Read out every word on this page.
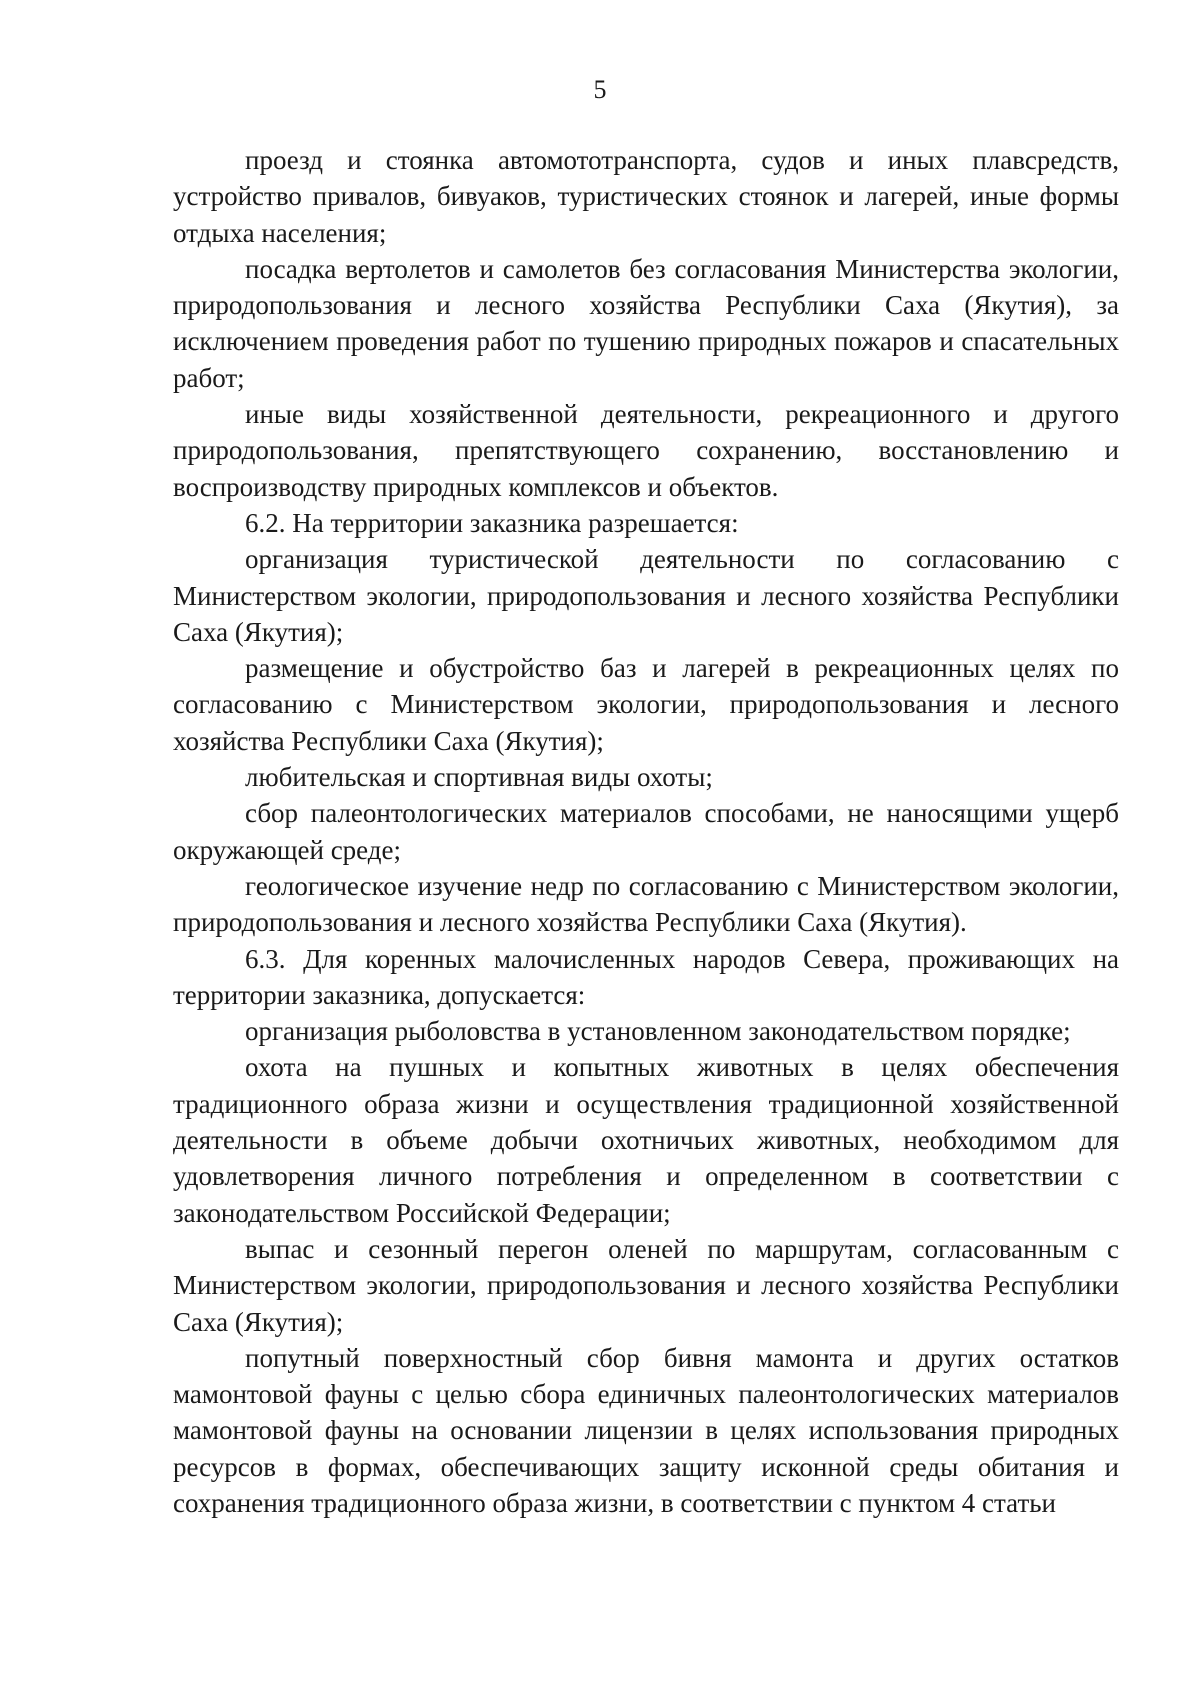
5

проезд и стоянка автомототранспорта, судов и иных плавсредств, устройство привалов, бивуаков, туристических стоянок и лагерей, иные формы отдыха населения;

посадка вертолетов и самолетов без согласования Министерства экологии, природопользования и лесного хозяйства Республики Саха (Якутия), за исключением проведения работ по тушению природных пожаров и спасательных работ;

иные виды хозяйственной деятельности, рекреационного и другого природопользования, препятствующего сохранению, восстановлению и воспроизводству природных комплексов и объектов.

6.2. На территории заказника разрешается:

организация туристической деятельности по согласованию с Министерством экологии, природопользования и лесного хозяйства Республики Саха (Якутия);

размещение и обустройство баз и лагерей в рекреационных целях по согласованию с Министерством экологии, природопользования и лесного хозяйства Республики Саха (Якутия);

любительская и спортивная виды охоты;

сбор палеонтологических материалов способами, не наносящими ущерб окружающей среде;

геологическое изучение недр по согласованию с Министерством экологии, природопользования и лесного хозяйства Республики Саха (Якутия).

6.3. Для коренных малочисленных народов Севера, проживающих на территории заказника, допускается:

организация рыболовства в установленном законодательством порядке;

охота на пушных и копытных животных в целях обеспечения традиционного образа жизни и осуществления традиционной хозяйственной деятельности в объеме добычи охотничьих животных, необходимом для удовлетворения личного потребления и определенном в соответствии с законодательством Российской Федерации;

выпас и сезонный перегон оленей по маршрутам, согласованным с Министерством экологии, природопользования и лесного хозяйства Республики Саха (Якутия);

попутный поверхностный сбор бивня мамонта и других остатков мамонтовой фауны с целью сбора единичных палеонтологических материалов мамонтовой фауны на основании лицензии в целях использования природных ресурсов в формах, обеспечивающих защиту исконной среды обитания и сохранения традиционного образа жизни, в соответствии с пунктом 4 статьи
